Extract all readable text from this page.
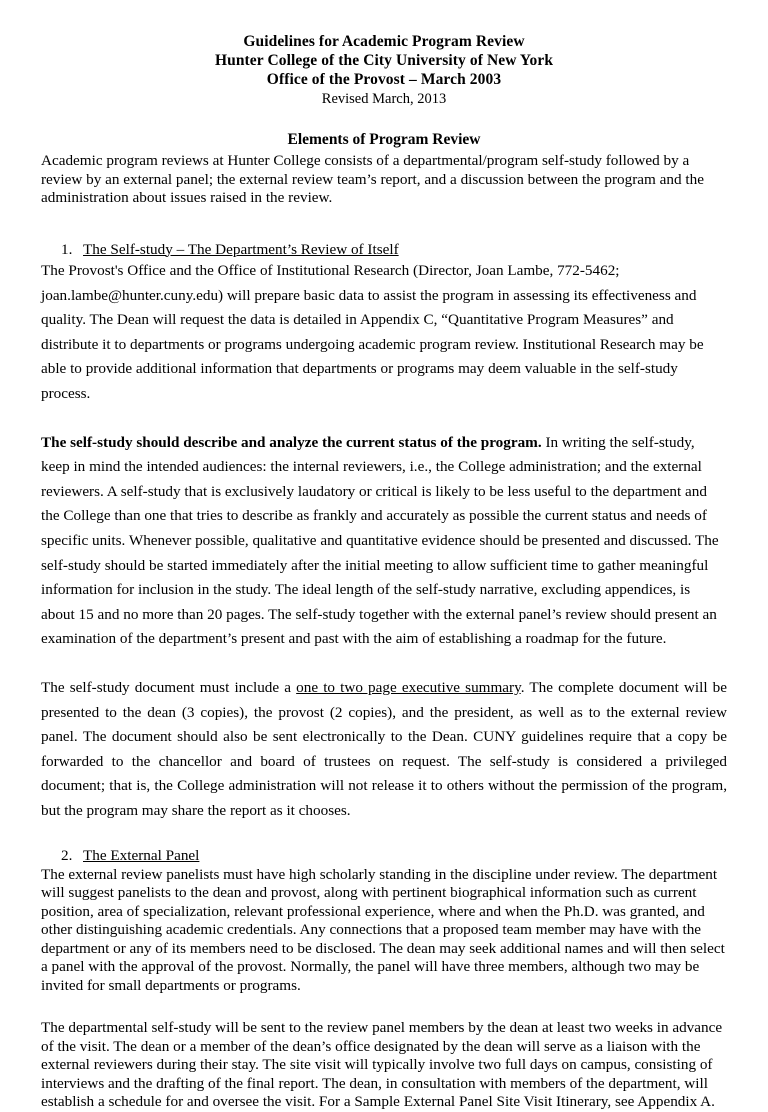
Guidelines for Academic Program Review
Hunter College of the City University of New York
Office of the Provost – March 2003
Revised March, 2013
Elements of Program Review

Academic program reviews at Hunter College consists of a departmental/program self-study followed by a review by an external panel; the external review team’s report, and a discussion between the program and the administration about issues raised in the review.

1. The Self-study – The Department’s Review of Itself

The Provost's Office and the Office of Institutional Research (Director, Joan Lambe, 772-5462; joan.lambe@hunter.cuny.edu) will prepare basic data to assist the program in assessing its effectiveness and quality. The Dean will request the data is detailed in Appendix C, “Quantitative Program Measures” and distribute it to departments or programs undergoing academic program review. Institutional Research may be able to provide additional information that departments or programs may deem valuable in the self-study process.

The self-study should describe and analyze the current status of the program. In writing the self-study, keep in mind the intended audiences: the internal reviewers, i.e., the College administration; and the external reviewers. A self-study that is exclusively laudatory or critical is likely to be less useful to the department and the College than one that tries to describe as frankly and accurately as possible the current status and needs of specific units. Whenever possible, qualitative and quantitative evidence should be presented and discussed. The self-study should be started immediately after the initial meeting to allow sufficient time to gather meaningful information for inclusion in the study. The ideal length of the self-study narrative, excluding appendices, is about 15 and no more than 20 pages. The self-study together with the external panel’s review should present an examination of the department’s present and past with the aim of establishing a roadmap for the future.

The self-study document must include a one to two page executive summary. The complete document will be presented to the dean (3 copies), the provost (2 copies), and the president, as well as to the external review panel. The document should also be sent electronically to the Dean. CUNY guidelines require that a copy be forwarded to the chancellor and board of trustees on request. The self-study is considered a privileged document; that is, the College administration will not release it to others without the permission of the program, but the program may share the report as it chooses.

2. The External Panel

The external review panelists must have high scholarly standing in the discipline under review. The department will suggest panelists to the dean and provost, along with pertinent biographical information such as current position, area of specialization, relevant professional experience, where and when the Ph.D. was granted, and other distinguishing academic credentials. Any connections that a proposed team member may have with the department or any of its members need to be disclosed. The dean may seek additional names and will then select a panel with the approval of the provost. Normally, the panel will have three members, although two may be invited for small departments or programs.

The departmental self-study will be sent to the review panel members by the dean at least two weeks in advance of the visit. The dean or a member of the dean’s office designated by the dean will serve as a liaison with the external reviewers during their stay. The site visit will typically involve two full days on campus, consisting of interviews and the drafting of the final report. The dean, in consultation with members of the department, will establish a schedule for and oversee the visit. For a Sample External Panel Site Visit Itinerary, see Appendix A.
